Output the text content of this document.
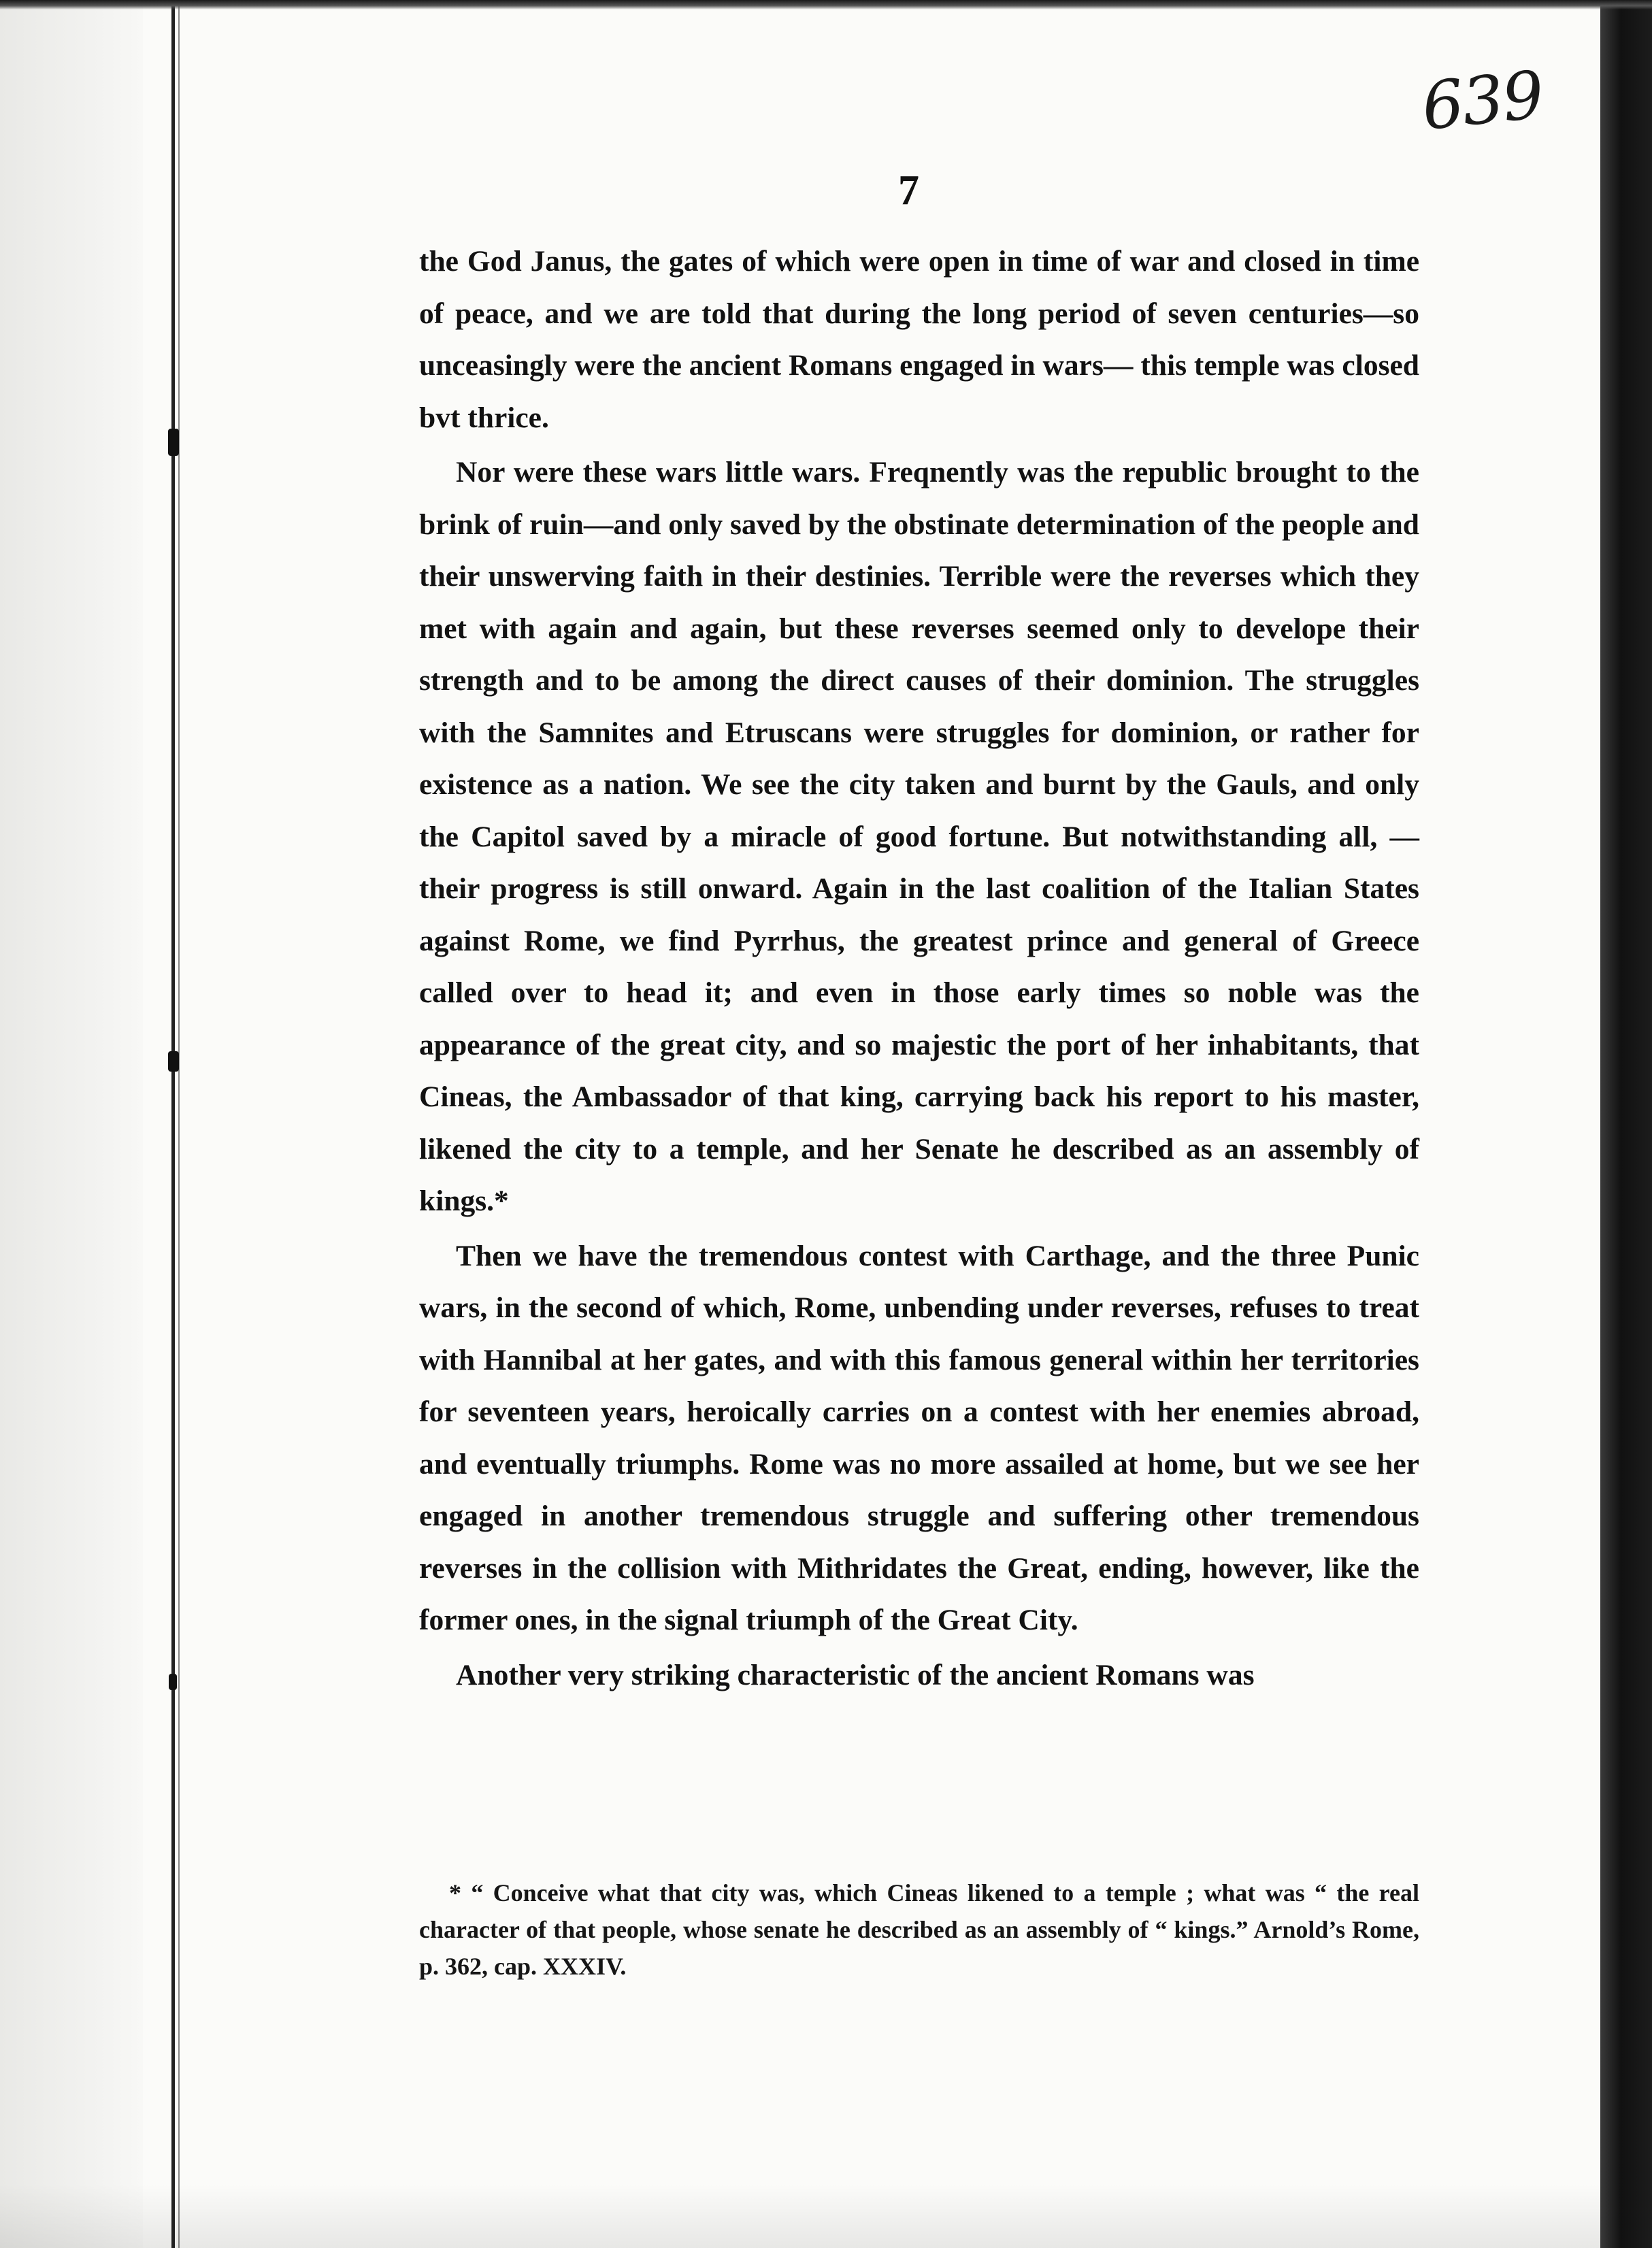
639
7

the God Janus, the gates of which were open in time of war and closed in time of peace, and we are told that during the long period of seven centuries—so unceasingly were the ancient Romans engaged in wars— this temple was closed bvt thrice.

Nor were these wars little wars. Freqnently was the republic brought to the brink of ruin—and only saved by the obstinate determination of the people and their unswerving faith in their destinies. Terrible were the reverses which they met with again and again, but these reverses seemed only to develope their strength and to be among the direct causes of their dominion. The struggles with the Samnites and Etruscans were struggles for dominion, or rather for existence as a nation. We see the city taken and burnt by the Gauls, and only the Capitol saved by a miracle of good fortune. But notwithstanding all, —their progress is still onward. Again in the last coalition of the Italian States against Rome, we find Pyrrhus, the greatest prince and general of Greece called over to head it; and even in those early times so noble was the appearance of the great city, and so majestic the port of her inhabitants, that Cineas, the Ambassador of that king, carrying back his report to his master, likened the city to a temple, and her Senate he described as an assembly of kings.*

Then we have the tremendous contest with Carthage, and the three Punic wars, in the second of which, Rome, unbending under reverses, refuses to treat with Hannibal at her gates, and with this famous general within her territories for seventeen years, heroically carries on a contest with her enemies abroad, and eventually triumphs. Rome was no more assailed at home, but we see her engaged in another tremendous struggle and suffering other tremendous reverses in the collision with Mithridates the Great, ending, however, like the former ones, in the signal triumph of the Great City.

Another very striking characteristic of the ancient Romans was

* “ Conceive what that city was, which Cineas likened to a temple ; what was “ the real character of that people, whose senate he described as an assembly of “ kings.” Arnold’s Rome, p. 362, cap. XXXIV.
